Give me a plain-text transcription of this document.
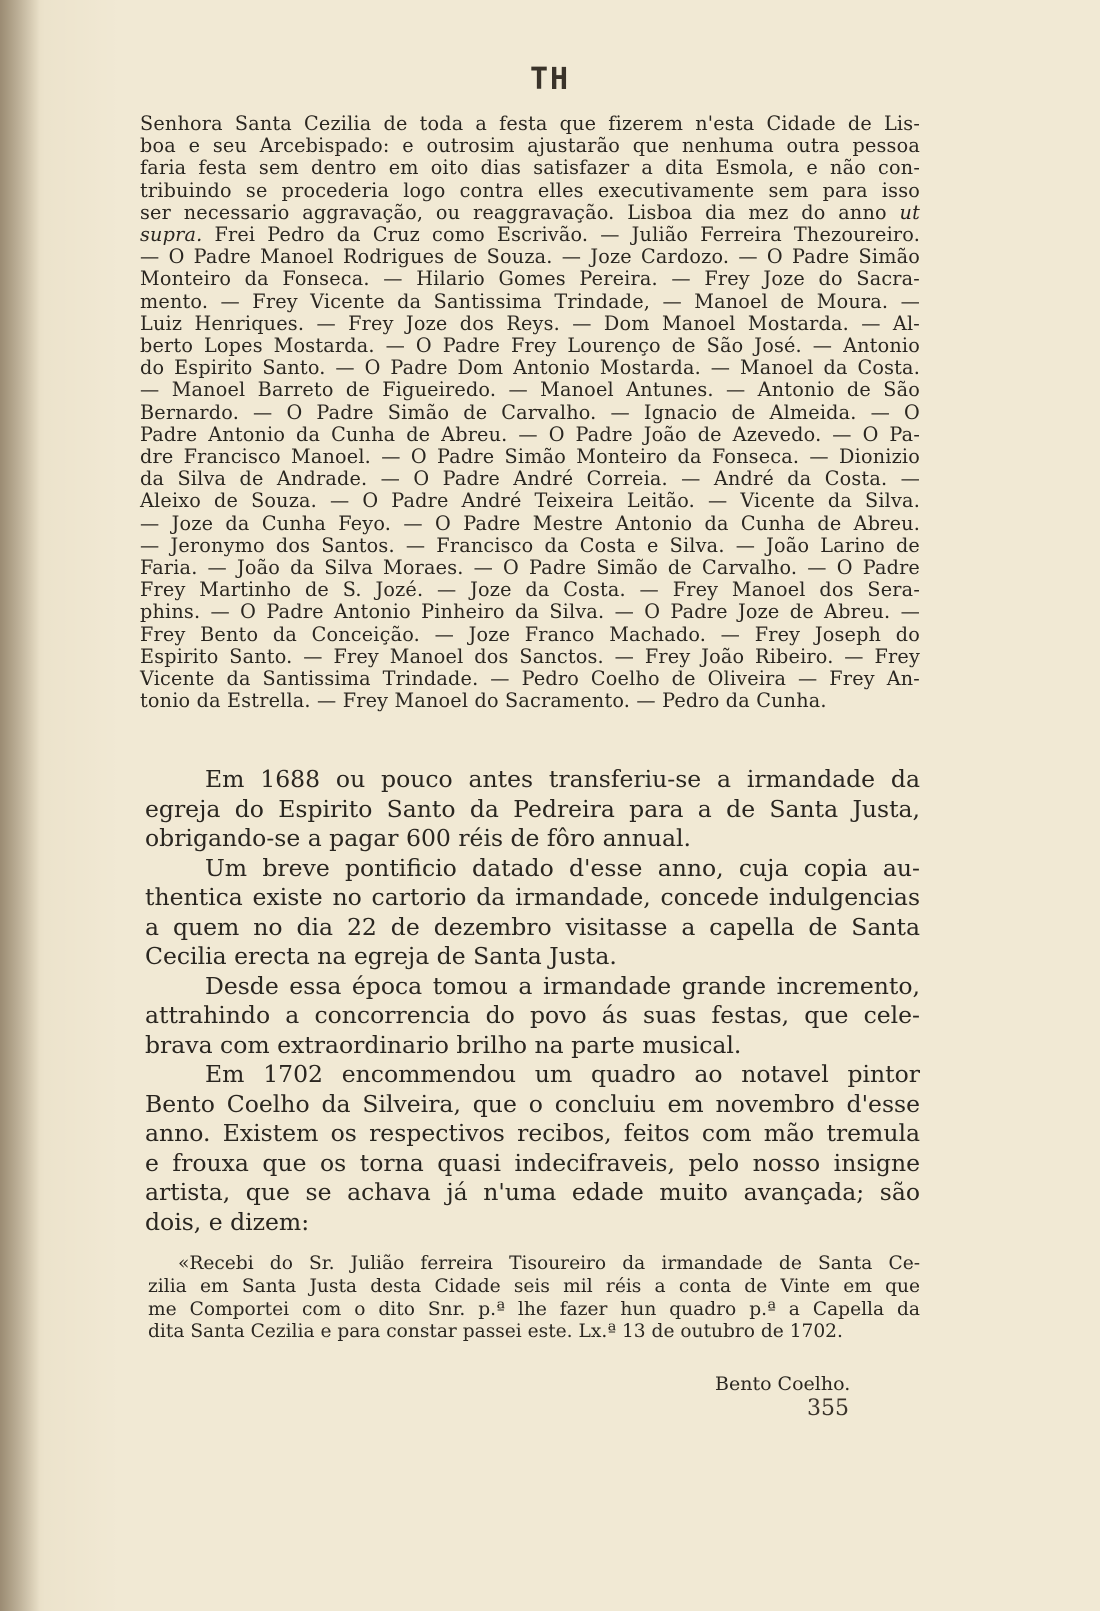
TH
Senhora Santa Cezilia de toda a festa que fizerem n'esta Cidade de Lis-
boa e seu Arcebispado: e outrosim ajustarão que nenhuma outra pessoa
faria festa sem dentro em oito dias satisfazer a dita Esmola, e não con-
tribuindo se procederia logo contra elles executivamente sem para isso
ser necessario aggravação, ou reaggravação. Lisboa dia mez do anno ut
supra. Frei Pedro da Cruz como Escrivão. — Julião Ferreira Thezoureiro.
— O Padre Manoel Rodrigues de Souza. — Joze Cardozo. — O Padre Simão
Monteiro da Fonseca. — Hilario Gomes Pereira. — Frey Joze do Sacra-
mento. — Frey Vicente da Santissima Trindade, — Manoel de Moura. —
Luiz Henriques. — Frey Joze dos Reys. — Dom Manoel Mostarda. — Al-
berto Lopes Mostarda. — O Padre Frey Lourenço de São José. — Antonio
do Espirito Santo. — O Padre Dom Antonio Mostarda. — Manoel da Costa.
— Manoel Barreto de Figueiredo. — Manoel Antunes. — Antonio de São
Bernardo. — O Padre Simão de Carvalho. — Ignacio de Almeida. — O
Padre Antonio da Cunha de Abreu. — O Padre João de Azevedo. — O Pa-
dre Francisco Manoel. — O Padre Simão Monteiro da Fonseca. — Dionizio
da Silva de Andrade. — O Padre André Correia. — André da Costa. —
Aleixo de Souza. — O Padre André Teixeira Leitão. — Vicente da Silva.
— Joze da Cunha Feyo. — O Padre Mestre Antonio da Cunha de Abreu.
— Jeronymo dos Santos. — Francisco da Costa e Silva. — João Larino de
Faria. — João da Silva Moraes. — O Padre Simão de Carvalho. — O Padre
Frey Martinho de S. Jozé. — Joze da Costa. — Frey Manoel dos Sera-
phins. — O Padre Antonio Pinheiro da Silva. — O Padre Joze de Abreu. —
Frey Bento da Conceição. — Joze Franco Machado. — Frey Joseph do
Espirito Santo. — Frey Manoel dos Sanctos. — Frey João Ribeiro. — Frey
Vicente da Santissima Trindade. — Pedro Coelho de Oliveira — Frey An-
tonio da Estrella. — Frey Manoel do Sacramento. — Pedro da Cunha.
Em 1688 ou pouco antes transferiu-se a irmandade da
egreja do Espirito Santo da Pedreira para a de Santa Justa,
obrigando-se a pagar 600 réis de fôro annual.
Um breve pontificio datado d'esse anno, cuja copia au-
thentica existe no cartorio da irmandade, concede indulgencias
a quem no dia 22 de dezembro visitasse a capella de Santa
Cecilia erecta na egreja de Santa Justa.
Desde essa época tomou a irmandade grande incremento,
attrahindo a concorrencia do povo ás suas festas, que cele-
brava com extraordinario brilho na parte musical.
Em 1702 encommendou um quadro ao notavel pintor
Bento Coelho da Silveira, que o concluiu em novembro d'esse
anno. Existem os respectivos recibos, feitos com mão tremula
e frouxa que os torna quasi indecifraveis, pelo nosso insigne
artista, que se achava já n'uma edade muito avançada; são
dois, e dizem:
«Recebi do Sr. Julião ferreira Tisoureiro da irmandade de Santa Ce-
zilia em Santa Justa desta Cidade seis mil réis a conta de Vinte em que
me Comportei com o dito Snr. p.ª lhe fazer hun quadro p.ª a Capella da
dita Santa Cezilia e para constar passei este. Lx.ª 13 de outubro de 1702.
Bento Coelho.
355
